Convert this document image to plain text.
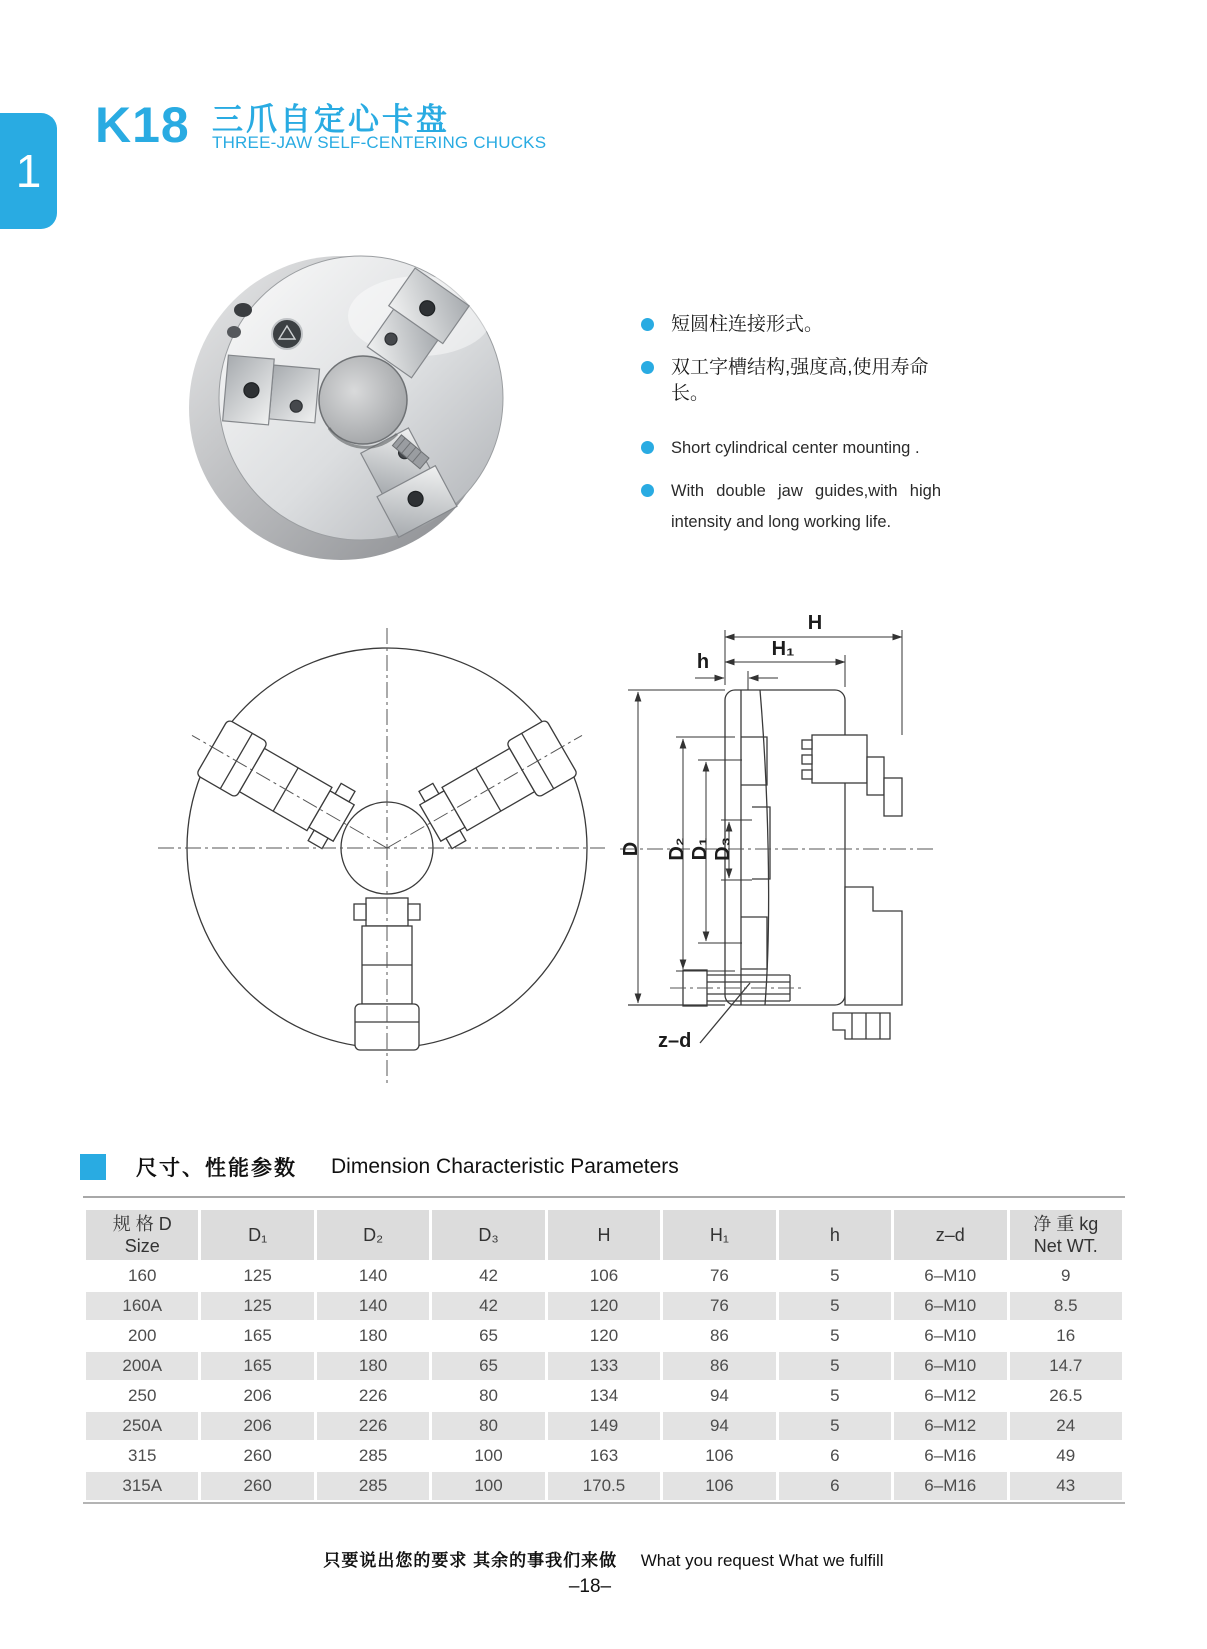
1
K18 三爪自定心卡盘
THREE-JAW SELF-CENTERING CHUCKS
短圆柱连接形式。
双工字槽结构,强度高,使用寿命长。
Short cylindrical center mounting .
With double jaw guides,with high intensity and long working life.
H
H₁
h
D D₂ D₁ D₃
z–d
尺寸、性能参数 Dimension Characteristic Parameters
规 格 D
Size	D₁	D₂	D₃	H	H₁	h	z–d	净 重 kg
Net WT.
160	125	140	42	106	76	5	6–M10	9
160A	125	140	42	120	76	5	6–M10	8.5
200	165	180	65	120	86	5	6–M10	16
200A	165	180	65	133	86	5	6–M10	14.7
250	206	226	80	134	94	5	6–M12	26.5
250A	206	226	80	149	94	5	6–M12	24
315	260	285	100	163	106	6	6–M16	49
315A	260	285	100	170.5	106	6	6–M16	43
只要说出您的要求 其余的事我们来做 What you request What we fulfill
–18–
